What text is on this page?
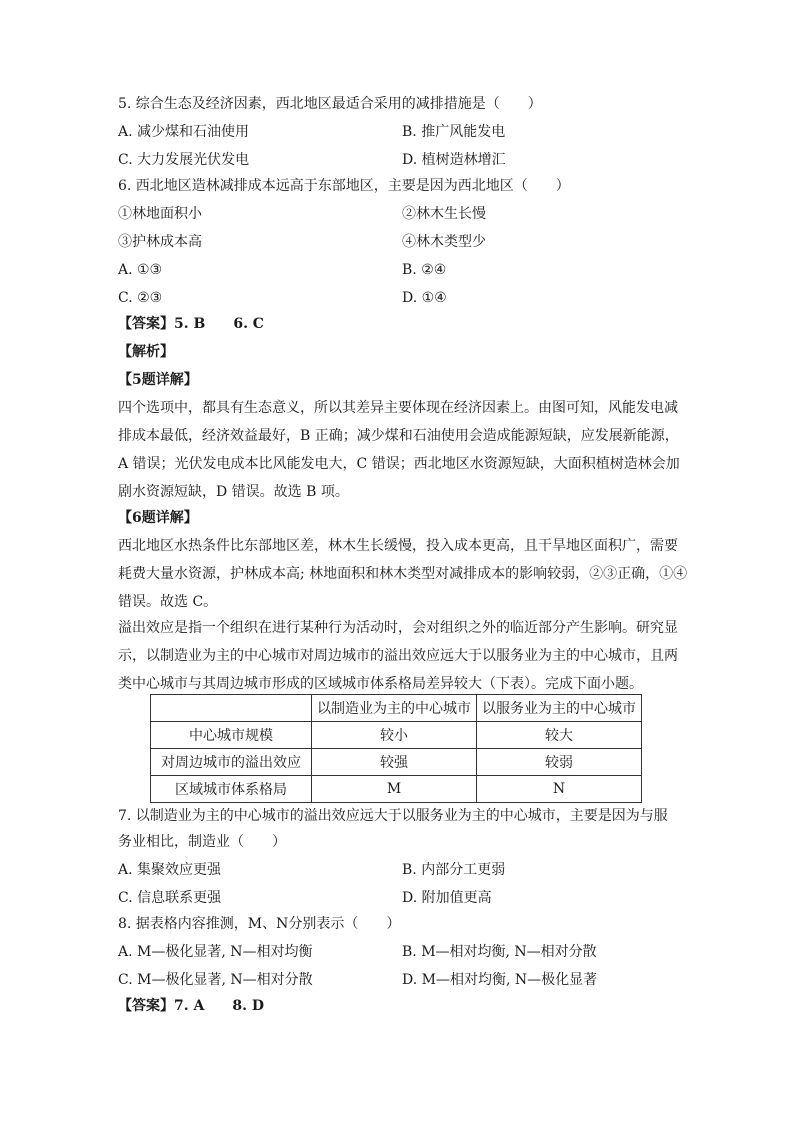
5. 综合生态及经济因素，西北地区最适合采用的减排措施是（　　）
A. 减少煤和石油使用	B. 推广风能发电
C. 大力发展光伏发电	D. 植树造林增汇
6. 西北地区造林减排成本远高于东部地区，主要是因为西北地区（　　）
①林地面积小	②林木生长慢
③护林成本高	④林木类型少
A. ①③	B. ②④
C. ②③	D. ①④
【答案】5. B　　6. C
【解析】
【5题详解】
四个选项中，都具有生态意义，所以其差异主要体现在经济因素上。由图可知，风能发电减
排成本最低，经济效益最好，B 正确；减少煤和石油使用会造成能源短缺，应发展新能源，
A 错误；光伏发电成本比风能发电大，C 错误；西北地区水资源短缺，大面积植树造林会加
剧水资源短缺，D 错误。故选 B 项。
【6题详解】
西北地区水热条件比东部地区差，林木生长缓慢，投入成本更高，且干旱地区面积广，需要
耗费大量水资源，护林成本高; 林地面积和林木类型对减排成本的影响较弱，②③正确，①④
错误。故选 C。
溢出效应是指一个组织在进行某种行为活动时，会对组织之外的临近部分产生影响。研究显
示，以制造业为主的中心城市对周边城市的溢出效应远大于以服务业为主的中心城市，且两
类中心城市与其周边城市形成的区域城市体系格局差异较大（下表）。完成下面小题。
	以制造业为主的中心城市	以服务业为主的中心城市
中心城市规模	较小	较大
对周边城市的溢出效应	较强	较弱
区域城市体系格局	M	N
7. 以制造业为主的中心城市的溢出效应远大于以服务业为主的中心城市，主要是因为与服
务业相比，制造业（　　）
A. 集聚效应更强	B. 内部分工更弱
C. 信息联系更强	D. 附加值更高
8. 据表格内容推测，M、N分别表示（　　）
A. M—极化显著, N—相对均衡	B. M—相对均衡, N—相对分散
C. M—极化显著, N—相对分散	D. M—相对均衡, N—极化显著
【答案】7. A　　8. D
